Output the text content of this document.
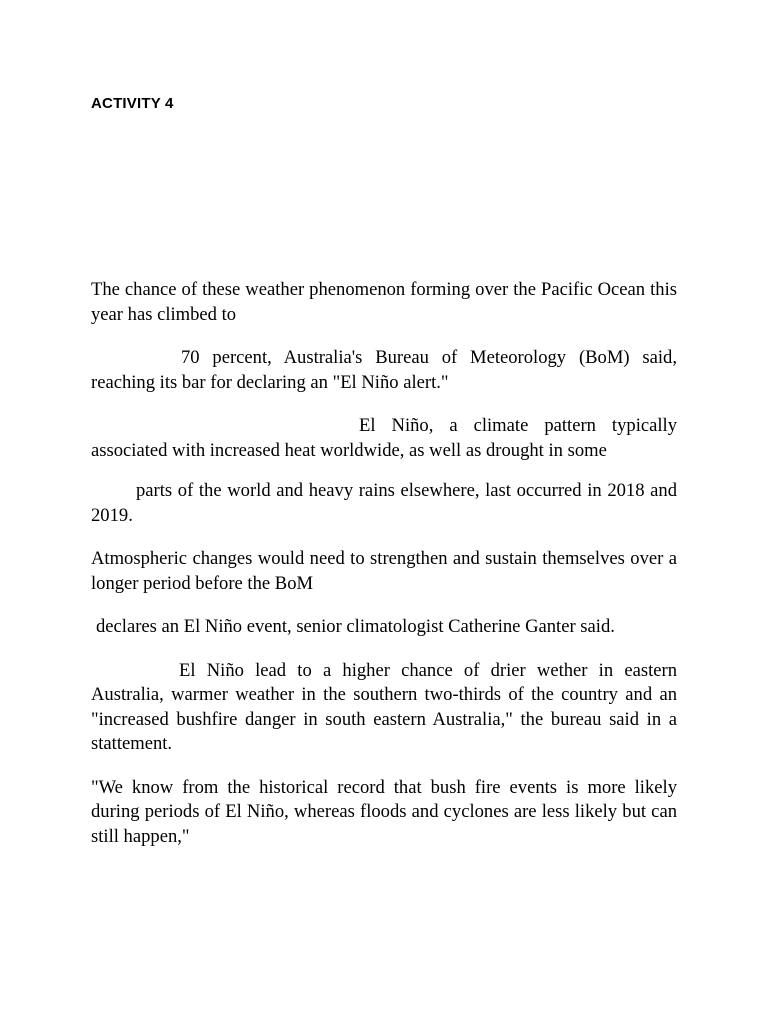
ACTIVITY 4

The chance of these weather phenomenon forming over the Pacific Ocean this year has climbed to

70 percent, Australia's Bureau of Meteorology (BoM) said, reaching its bar for declaring an "El Niño alert."

El Niño, a climate pattern typically associated with increased heat worldwide, as well as drought in some

parts of the world and heavy rains elsewhere, last occurred in 2018 and 2019.

Atmospheric changes would need to strengthen and sustain themselves over a longer period before the BoM

declares an El Niño event, senior climatologist Catherine Ganter said.

El Niño lead to a higher chance of drier wether in eastern Australia, warmer weather in the southern two-thirds of the country and an "increased bushfire danger in south eastern Australia," the bureau said in a stattement.

"We know from the historical record that bush fire events is more likely during periods of El Niño, whereas floods and cyclones are less likely but can still happen,"
